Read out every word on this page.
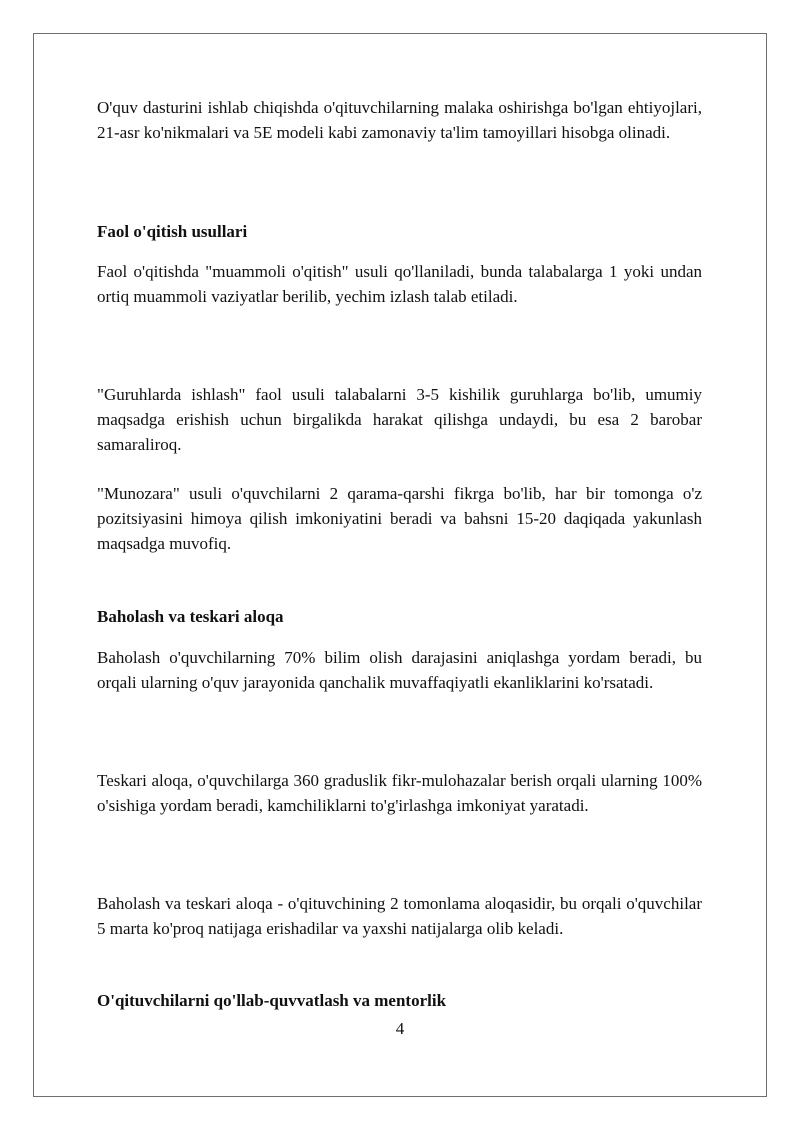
O'quv dasturini ishlab chiqishda o'qituvchilarning malaka oshirishga bo'lgan ehtiyojlari, 21-asr ko'nikmalari va 5E modeli kabi zamonaviy ta'lim tamoyillari hisobga olinadi.

Faol o'qitish usullari

Faol o'qitishda "muammoli o'qitish" usuli qo'llaniladi, bunda talabalarga 1 yoki undan ortiq muammoli vaziyatlar berilib, yechim izlash talab etiladi.

"Guruhlarda ishlash" faol usuli talabalarni 3-5 kishilik guruhlarga bo'lib, umumiy maqsadga erishish uchun birgalikda harakat qilishga undaydi, bu esa 2 barobar samaraliroq.

"Munozara" usuli o'quvchilarni 2 qarama-qarshi fikrga bo'lib, har bir tomonga o'z pozitsiyasini himoya qilish imkoniyatini beradi va bahsni 15-20 daqiqada yakunlash maqsadga muvofiq.

Baholash va teskari aloqa

Baholash o'quvchilarning 70% bilim olish darajasini aniqlashga yordam beradi, bu orqali ularning o'quv jarayonida qanchalik muvaffaqiyatli ekanliklarini ko'rsatadi.

Teskari aloqa, o'quvchilarga 360 graduslik fikr-mulohazalar berish orqali ularning 100% o'sishiga yordam beradi, kamchiliklarni to'g'irlashga imkoniyat yaratadi.

Baholash va teskari aloqa - o'qituvchining 2 tomonlama aloqasidir, bu orqali o'quvchilar 5 marta ko'proq natijaga erishadilar va yaxshi natijalarga olib keladi.

O'qituvchilarni qo'llab-quvvatlash va mentorlik

4
